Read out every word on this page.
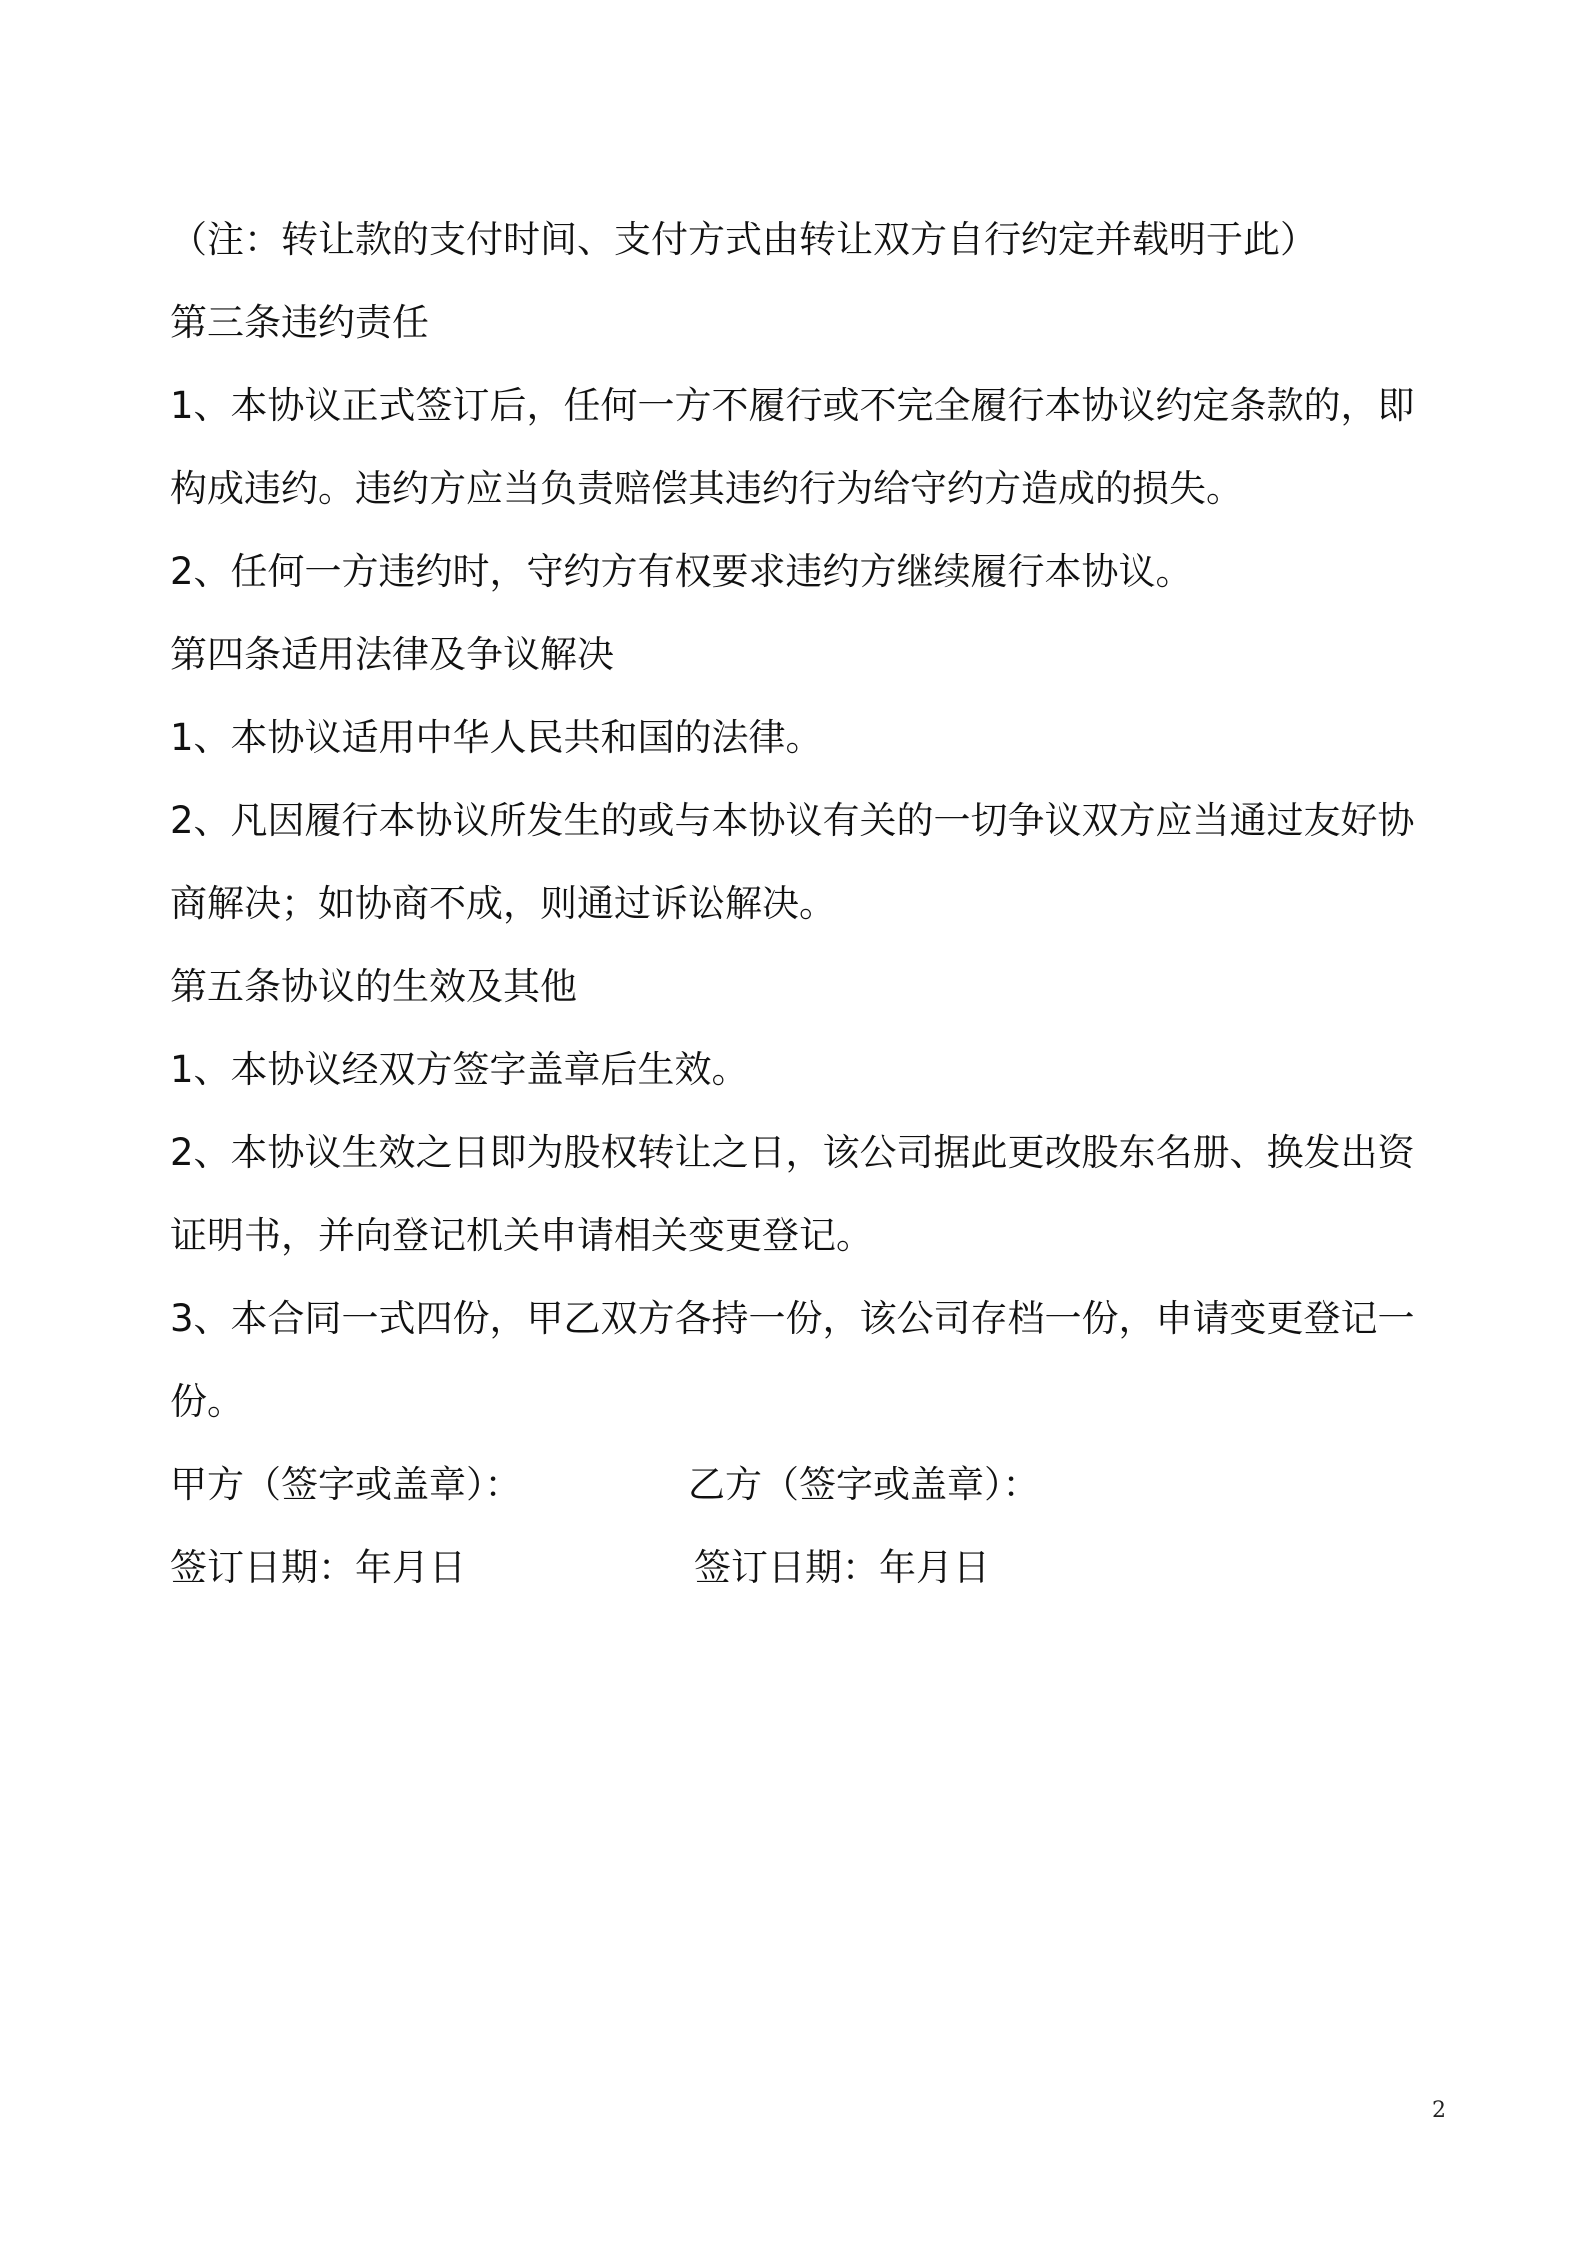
（注：转让款的支付时间、支付方式由转让双方自行约定并载明于此）
第三条违约责任
1、本协议正式签订后，任何一方不履行或不完全履行本协议约定条款的，即
构成违约。违约方应当负责赔偿其违约行为给守约方造成的损失。
2、任何一方违约时，守约方有权要求违约方继续履行本协议。
第四条适用法律及争议解决
1、本协议适用中华人民共和国的法律。
2、凡因履行本协议所发生的或与本协议有关的一切争议双方应当通过友好协
商解决；如协商不成，则通过诉讼解决。
第五条协议的生效及其他
1、本协议经双方签字盖章后生效。
2、本协议生效之日即为股权转让之日，该公司据此更改股东名册、换发出资
证明书，并向登记机关申请相关变更登记。
3、本合同一式四份，甲乙双方各持一份，该公司存档一份，申请变更登记一
份。
甲方（签字或盖章）：	乙方（签字或盖章）：
签订日期：年月日	签订日期：年月日
2
